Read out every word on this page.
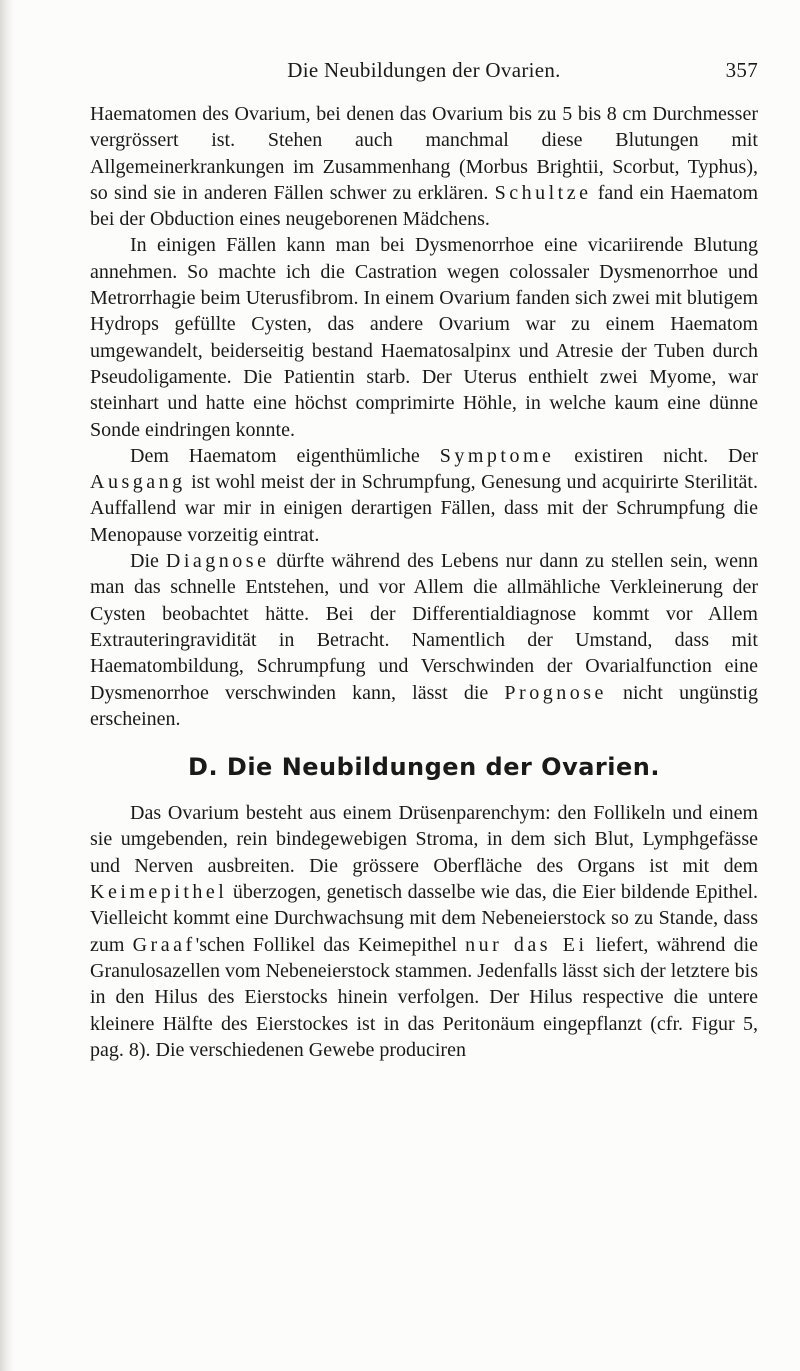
Die Neubildungen der Ovarien.	357

Haematomen des Ovarium, bei denen das Ovarium bis zu 5 bis 8 cm Durchmesser vergrössert ist. Stehen auch manchmal diese Blutungen mit Allgemeinerkrankungen im Zusammenhang (Morbus Brightii, Scorbut, Typhus), so sind sie in anderen Fällen schwer zu erklären. Schultze fand ein Haematom bei der Obduction eines neugeborenen Mädchens.

In einigen Fällen kann man bei Dysmenorrhoe eine vicariirende Blutung annehmen. So machte ich die Castration wegen colossaler Dysmenorrhoe und Metrorrhagie beim Uterusfibrom. In einem Ovarium fanden sich zwei mit blutigem Hydrops gefüllte Cysten, das andere Ovarium war zu einem Haematom umgewandelt, beiderseitig bestand Haematosalpinx und Atresie der Tuben durch Pseudoligamente. Die Patientin starb. Der Uterus enthielt zwei Myome, war steinhart und hatte eine höchst comprimirte Höhle, in welche kaum eine dünne Sonde eindringen konnte.

Dem Haematom eigenthümliche Symptome existiren nicht. Der Ausgang ist wohl meist der in Schrumpfung, Genesung und acquirirte Sterilität. Auffallend war mir in einigen derartigen Fällen, dass mit der Schrumpfung die Menopause vorzeitig eintrat.

Die Diagnose dürfte während des Lebens nur dann zu stellen sein, wenn man das schnelle Entstehen, und vor Allem die allmähliche Verkleinerung der Cysten beobachtet hätte. Bei der Differentialdiagnose kommt vor Allem Extrauteringravidität in Betracht. Namentlich der Umstand, dass mit Haematombildung, Schrumpfung und Verschwinden der Ovarialfunction eine Dysmenorrhoe verschwinden kann, lässt die Prognose nicht ungünstig erscheinen.

D. Die Neubildungen der Ovarien.

Das Ovarium besteht aus einem Drüsenparenchym: den Follikeln und einem sie umgebenden, rein bindegewebigen Stroma, in dem sich Blut, Lymphgefässe und Nerven ausbreiten. Die grössere Oberfläche des Organs ist mit dem Keimepithel überzogen, genetisch dasselbe wie das, die Eier bildende Epithel. Vielleicht kommt eine Durchwachsung mit dem Nebeneierstock so zu Stande, dass zum Graaf'schen Follikel das Keimepithel nur das Ei liefert, während die Granulosazellen vom Nebeneierstock stammen. Jedenfalls lässt sich der letztere bis in den Hilus des Eierstocks hinein verfolgen. Der Hilus respective die untere kleinere Hälfte des Eierstockes ist in das Peritonäum eingepflanzt (cfr. Figur 5, pag. 8). Die verschiedenen Gewebe produciren
